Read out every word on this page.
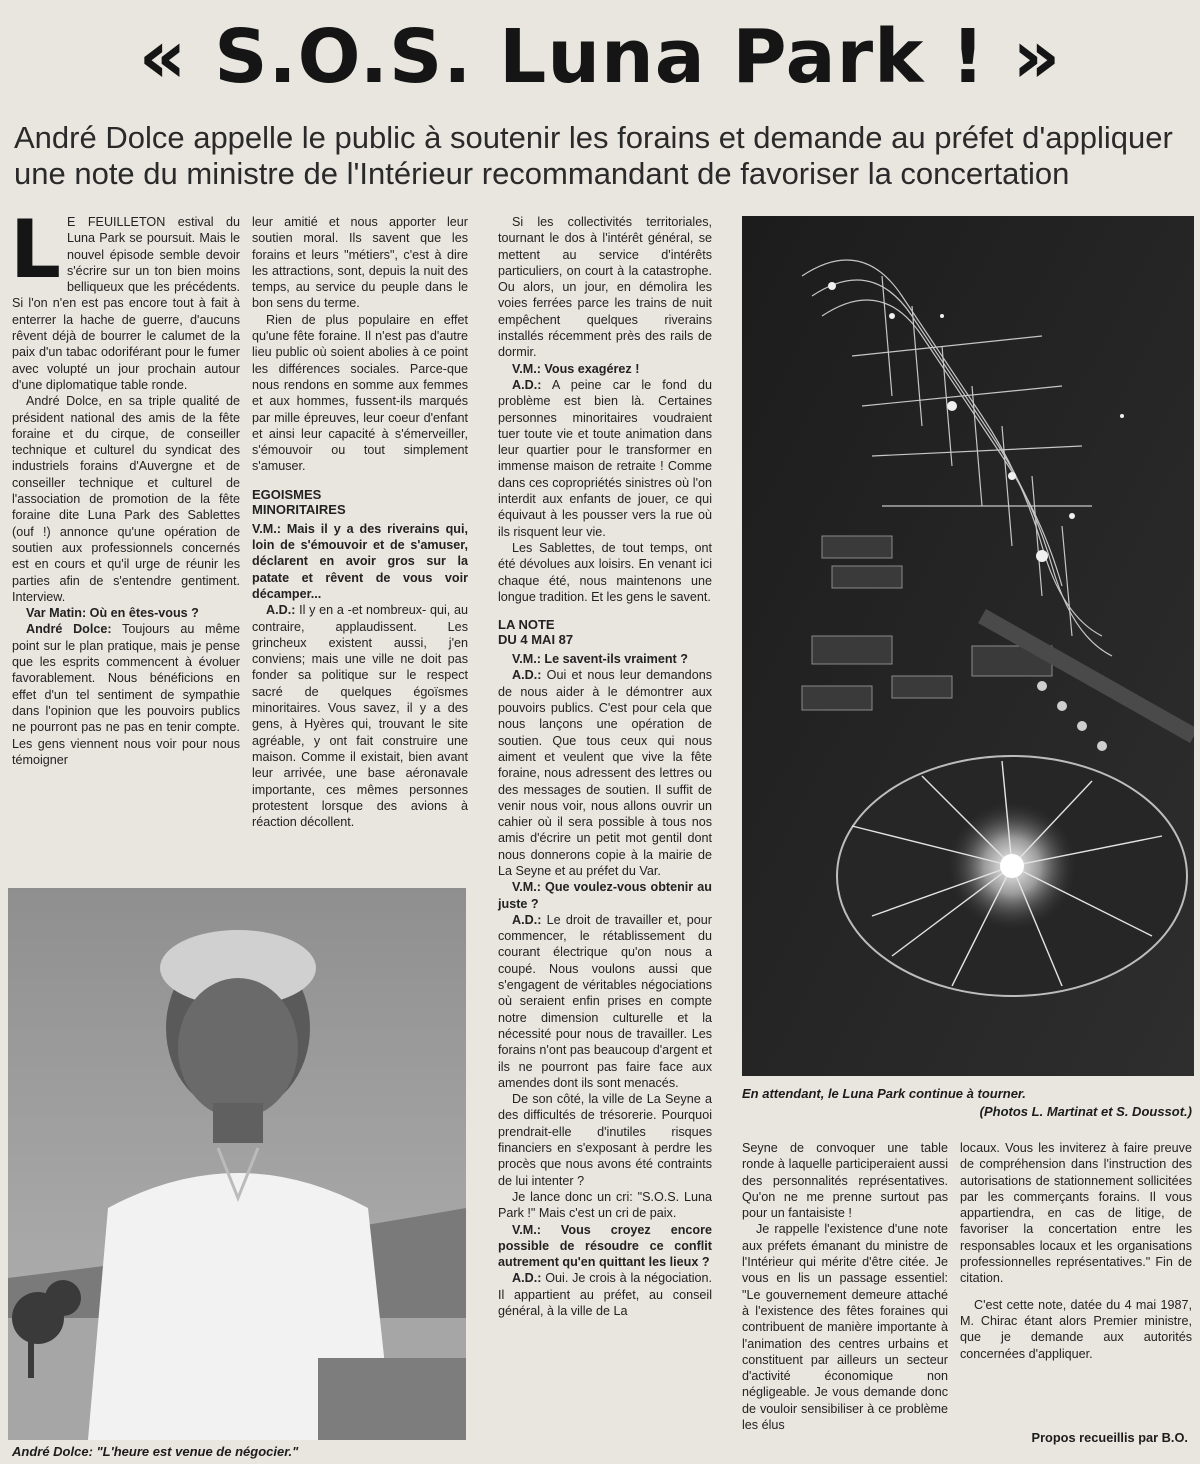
« S.O.S. Luna Park ! »
André Dolce appelle le public à soutenir les forains et demande au préfet d'appliquer
une note du ministre de l'Intérieur recommandant de favoriser la concertation
L E FEUILLETON estival du Luna Park se poursuit. Mais le nouvel épisode semble devoir s'écrire sur un ton bien moins belliqueux que les précédents. Si l'on n'en est pas encore tout à fait à enterrer la hache de guerre, d'aucuns rêvent déjà de bourrer le calumet de la paix d'un tabac odoriférant pour le fumer avec volupté un jour prochain autour d'une diplomatique table ronde.

André Dolce, en sa triple qualité de président national des amis de la fête foraine et du cirque, de conseiller technique et culturel du syndicat des industriels forains d'Auvergne et de conseiller technique et culturel de l'association de promotion de la fête foraine dite Luna Park des Sablettes (ouf !) annonce qu'une opération de soutien aux professionnels concernés est en cours et qu'il urge de réunir les parties afin de s'entendre gentiment. Interview.

Var Matin: Où en êtes-vous ?

André Dolce: Toujours au même point sur le plan pratique, mais je pense que les esprits commencent à évoluer favorablement. Nous bénéficions en effet d'un tel sentiment de sympathie dans l'opinion que les pouvoirs publics ne pourront pas ne pas en tenir compte. Les gens viennent nous voir pour nous témoigner

leur amitié et nous apporter leur soutien moral. Ils savent que les forains et leurs "métiers", c'est à dire les attractions, sont, depuis la nuit des temps, au service du peuple dans le bon sens du terme.

Rien de plus populaire en effet qu'une fête foraine. Il n'est pas d'autre lieu public où soient abolies à ce point les différences sociales. Parce-que nous rendons en somme aux femmes et aux hommes, fussent-ils marqués par mille épreuves, leur coeur d'enfant et ainsi leur capacité à s'émerveiller, s'émouvoir ou tout simplement s'amuser.

EGOISMES
MINORITAIRES

V.M.: Mais il y a des riverains qui, loin de s'émouvoir et de s'amuser, déclarent en avoir gros sur la patate et rêvent de vous voir décamper...

A.D.: Il y en a -et nombreux- qui, au contraire, applaudissent. Les grincheux existent aussi, j'en conviens; mais une ville ne doit pas fonder sa politique sur le respect sacré de quelques égoïsmes minoritaires. Vous savez, il y a des gens, à Hyères qui, trouvant le site agréable, y ont fait construire une maison. Comme il existait, bien avant leur arrivée, une base aéronavale importante, ces mêmes personnes protestent lorsque des avions à réaction décollent.

Si les collectivités territoriales, tournant le dos à l'intérêt général, se mettent au service d'intérêts particuliers, on court à la catastrophe. Ou alors, un jour, en démolira les voies ferrées parce les trains de nuit empêchent quelques riverains installés récemment près des rails de dormir.

V.M.: Vous exagérez !

A.D.: A peine car le fond du problème est bien là. Certaines personnes minoritaires voudraient tuer toute vie et toute animation dans leur quartier pour le transformer en immense maison de retraite ! Comme dans ces copropriétés sinistres où l'on interdit aux enfants de jouer, ce qui équivaut à les pousser vers la rue où ils risquent leur vie.

Les Sablettes, de tout temps, ont été dévolues aux loisirs. En venant ici chaque été, nous maintenons une longue tradition. Et les gens le savent.

LA NOTE
DU 4 MAI 87

V.M.: Le savent-ils vraiment ?

A.D.: Oui et nous leur demandons de nous aider à le démontrer aux pouvoirs publics. C'est pour cela que nous lançons une opération de soutien. Que tous ceux qui nous aiment et veulent que vive la fête foraine, nous adressent des lettres ou des messages de soutien. Il suffit de venir nous voir, nous allons ouvrir un cahier où il sera possible à tous nos amis d'écrire un petit mot gentil dont nous donnerons copie à la mairie de La Seyne et au préfet du Var.

V.M.: Que voulez-vous obtenir au juste ?

A.D.: Le droit de travailler et, pour commencer, le rétablissement du courant électrique qu'on nous a coupé. Nous voulons aussi que s'engagent de véritables négociations où seraient enfin prises en compte notre dimension culturelle et la nécessité pour nous de travailler. Les forains n'ont pas beaucoup d'argent et ils ne pourront pas faire face aux amendes dont ils sont menacés.

De son côté, la ville de La Seyne a des difficultés de trésorerie. Pourquoi prendrait-elle d'inutiles risques financiers en s'exposant à perdre les procès que nous avons été contraints de lui intenter ?

Je lance donc un cri: "S.O.S. Luna Park !" Mais c'est un cri de paix.

V.M.: Vous croyez encore possible de résoudre ce conflit autrement qu'en quittant les lieux ?

A.D.: Oui. Je crois à la négociation. Il appartient au préfet, au conseil général, à la ville de La

En attendant, le Luna Park continue à tourner.
(Photos L. Martinat et S. Doussot.)

Seyne de convoquer une table ronde à laquelle participeraient aussi des personnalités représentatives. Qu'on ne me prenne surtout pas pour un fantaisiste !

Je rappelle l'existence d'une note aux préfets émanant du ministre de l'Intérieur qui mérite d'être citée. Je vous en lis un passage essentiel: "Le gouvernement demeure attaché à l'existence des fêtes foraines qui contribuent de manière importante à l'animation des centres urbains et constituent par ailleurs un secteur d'activité économique non négligeable. Je vous demande donc de vouloir sensibiliser à ce problème les élus

locaux. Vous les inviterez à faire preuve de compréhension dans l'instruction des autorisations de stationnement sollicitées par les commerçants forains. Il vous appartiendra, en cas de litige, de favoriser la concertation entre les responsables locaux et les organisations professionnelles représentatives." Fin de citation.

C'est cette note, datée du 4 mai 1987, M. Chirac étant alors Premier ministre, que je demande aux autorités concernées d'appliquer.

Propos recueillis par B.O.
André Dolce: "L'heure est venue de négocier."
